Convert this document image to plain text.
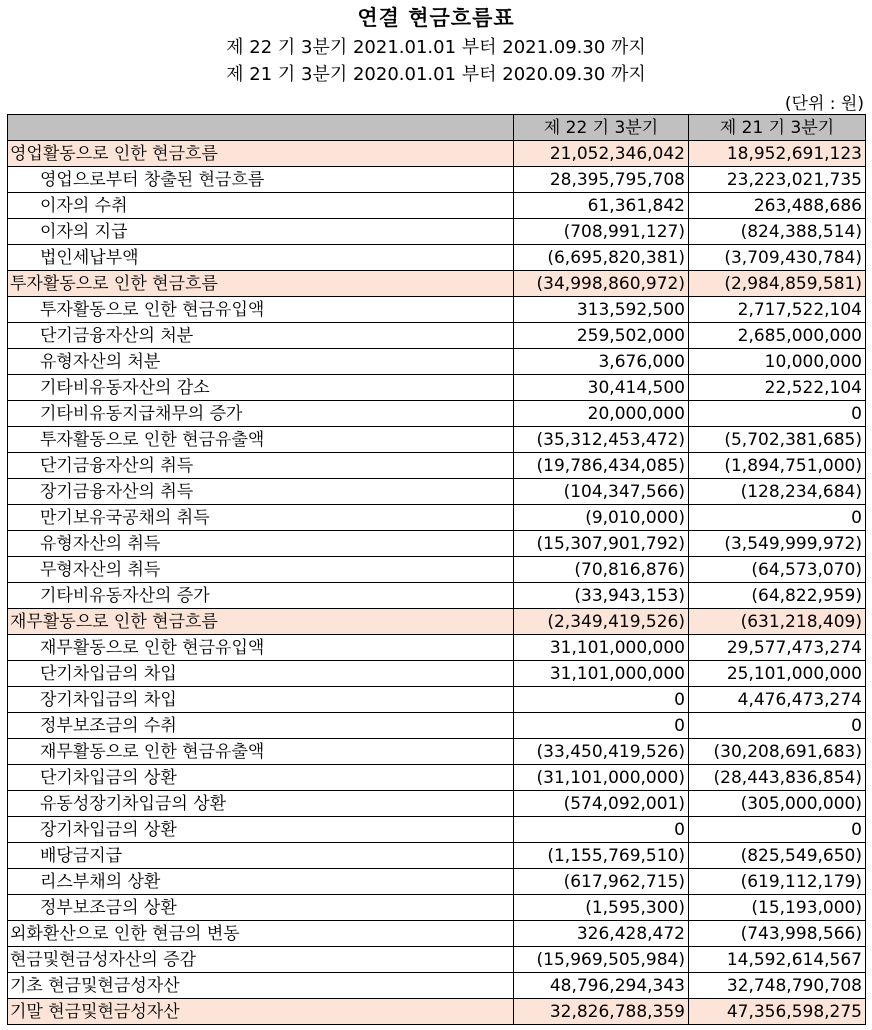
연결 현금흐름표
제 22 기 3분기 2021.01.01 부터 2021.09.30 까지
제 21 기 3분기 2020.01.01 부터 2020.09.30 까지
(단위 : 원)
	제 22 기 3분기	제 21 기 3분기
영업활동으로 인한 현금흐름	21,052,346,042	18,952,691,123
영업으로부터 창출된 현금흐름	28,395,795,708	23,223,021,735
이자의 수취	61,361,842	263,488,686
이자의 지급	(708,991,127)	(824,388,514)
법인세납부액	(6,695,820,381)	(3,709,430,784)
투자활동으로 인한 현금흐름	(34,998,860,972)	(2,984,859,581)
투자활동으로 인한 현금유입액	313,592,500	2,717,522,104
단기금융자산의 처분	259,502,000	2,685,000,000
유형자산의 처분	3,676,000	10,000,000
기타비유동자산의 감소	30,414,500	22,522,104
기타비유동지급채무의 증가	20,000,000	0
투자활동으로 인한 현금유출액	(35,312,453,472)	(5,702,381,685)
단기금융자산의 취득	(19,786,434,085)	(1,894,751,000)
장기금융자산의 취득	(104,347,566)	(128,234,684)
만기보유국공채의 취득	(9,010,000)	0
유형자산의 취득	(15,307,901,792)	(3,549,999,972)
무형자산의 취득	(70,816,876)	(64,573,070)
기타비유동자산의 증가	(33,943,153)	(64,822,959)
재무활동으로 인한 현금흐름	(2,349,419,526)	(631,218,409)
재무활동으로 인한 현금유입액	31,101,000,000	29,577,473,274
단기차입금의 차입	31,101,000,000	25,101,000,000
장기차입금의 차입	0	4,476,473,274
정부보조금의 수취	0	0
재무활동으로 인한 현금유출액	(33,450,419,526)	(30,208,691,683)
단기차입금의 상환	(31,101,000,000)	(28,443,836,854)
유동성장기차입금의 상환	(574,092,001)	(305,000,000)
장기차입금의 상환	0	0
배당금지급	(1,155,769,510)	(825,549,650)
리스부채의 상환	(617,962,715)	(619,112,179)
정부보조금의 상환	(1,595,300)	(15,193,000)
외화환산으로 인한 현금의 변동	326,428,472	(743,998,566)
현금및현금성자산의 증감	(15,969,505,984)	14,592,614,567
기초 현금및현금성자산	48,796,294,343	32,748,790,708
기말 현금및현금성자산	32,826,788,359	47,356,598,275
